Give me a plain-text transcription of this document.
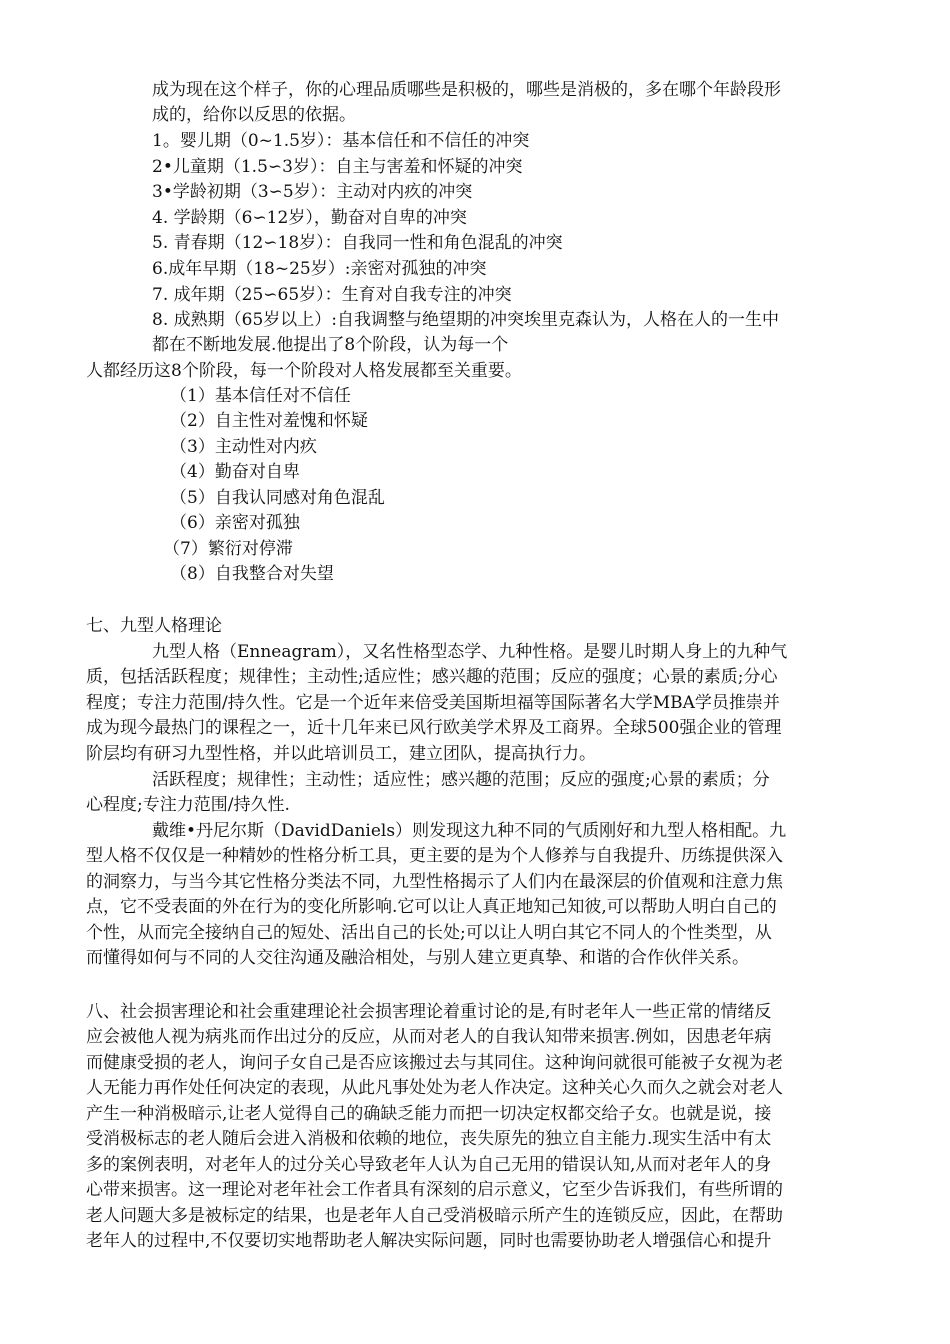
成为现在这个样子，你的心理品质哪些是积极的，哪些是消极的，多在哪个年龄段形
成的，给你以反思的依据。
1。婴儿期（0~1.5岁）：基本信任和不信任的冲突
2•儿童期（1.5∽3岁）：自主与害羞和怀疑的冲突
3•学龄初期（3∽5岁）：主动对内疚的冲突
4. 学龄期（6∽12岁），勤奋对自卑的冲突
5. 青春期（12∽18岁）：自我同一性和角色混乱的冲突
6.成年早期（18~25岁）:亲密对孤独的冲突
7. 成年期（25∽65岁）：生育对自我专注的冲突
8. 成熟期（65岁以上）:自我调整与绝望期的冲突埃里克森认为，人格在人的一生中
都在不断地发展.他提出了8个阶段，认为每一个
人都经历这8个阶段，每一个阶段对人格发展都至关重要。
（1）基本信任对不信任
（2）自主性对羞愧和怀疑
（3）主动性对内疚
（4）勤奋对自卑
（5）自我认同感对角色混乱
（6）亲密对孤独
（7）繁衍对停滞
（8）自我整合对失望
七、九型人格理论
九型人格（Enneagram），又名性格型态学、九种性格。是婴儿时期人身上的九种气
质，包括活跃程度；规律性；主动性;适应性；感兴趣的范围；反应的强度；心景的素质;分心
程度；专注力范围/持久性。它是一个近年来倍受美国斯坦福等国际著名大学MBA学员推崇并
成为现今最热门的课程之一，近十几年来已风行欧美学术界及工商界。全球500强企业的管理
阶层均有研习九型性格，并以此培训员工，建立团队，提高执行力。
活跃程度；规律性；主动性；适应性；感兴趣的范围；反应的强度;心景的素质；分
心程度;专注力范围/持久性.
戴维•丹尼尔斯（DavidDaniels）则发现这九种不同的气质刚好和九型人格相配。九
型人格不仅仅是一种精妙的性格分析工具，更主要的是为个人修养与自我提升、历练提供深入
的洞察力，与当今其它性格分类法不同，九型性格揭示了人们内在最深层的价值观和注意力焦
点，它不受表面的外在行为的变化所影响.它可以让人真正地知己知彼,可以帮助人明白自己的
个性，从而完全接纳自己的短处、活出自己的长处;可以让人明白其它不同人的个性类型，从
而懂得如何与不同的人交往沟通及融洽相处，与别人建立更真挚、和谐的合作伙伴关系。
八、社会损害理论和社会重建理论社会损害理论着重讨论的是,有时老年人一些正常的情绪反
应会被他人视为病兆而作出过分的反应，从而对老人的自我认知带来损害.例如，因患老年病
而健康受损的老人，询问子女自己是否应该搬过去与其同住。这种询问就很可能被子女视为老
人无能力再作处任何决定的表现，从此凡事处处为老人作决定。这种关心久而久之就会对老人
产生一种消极暗示,让老人觉得自己的确缺乏能力而把一切决定权都交给子女。也就是说，接
受消极标志的老人随后会进入消极和依赖的地位，丧失原先的独立自主能力.现实生活中有太
多的案例表明，对老年人的过分关心导致老年人认为自己无用的错误认知,从而对老年人的身
心带来损害。这一理论对老年社会工作者具有深刻的启示意义，它至少告诉我们，有些所谓的
老人问题大多是被标定的结果，也是老年人自己受消极暗示所产生的连锁反应，因此，在帮助
老年人的过程中,不仅要切实地帮助老人解决实际问题，同时也需要协助老人增强信心和提升
